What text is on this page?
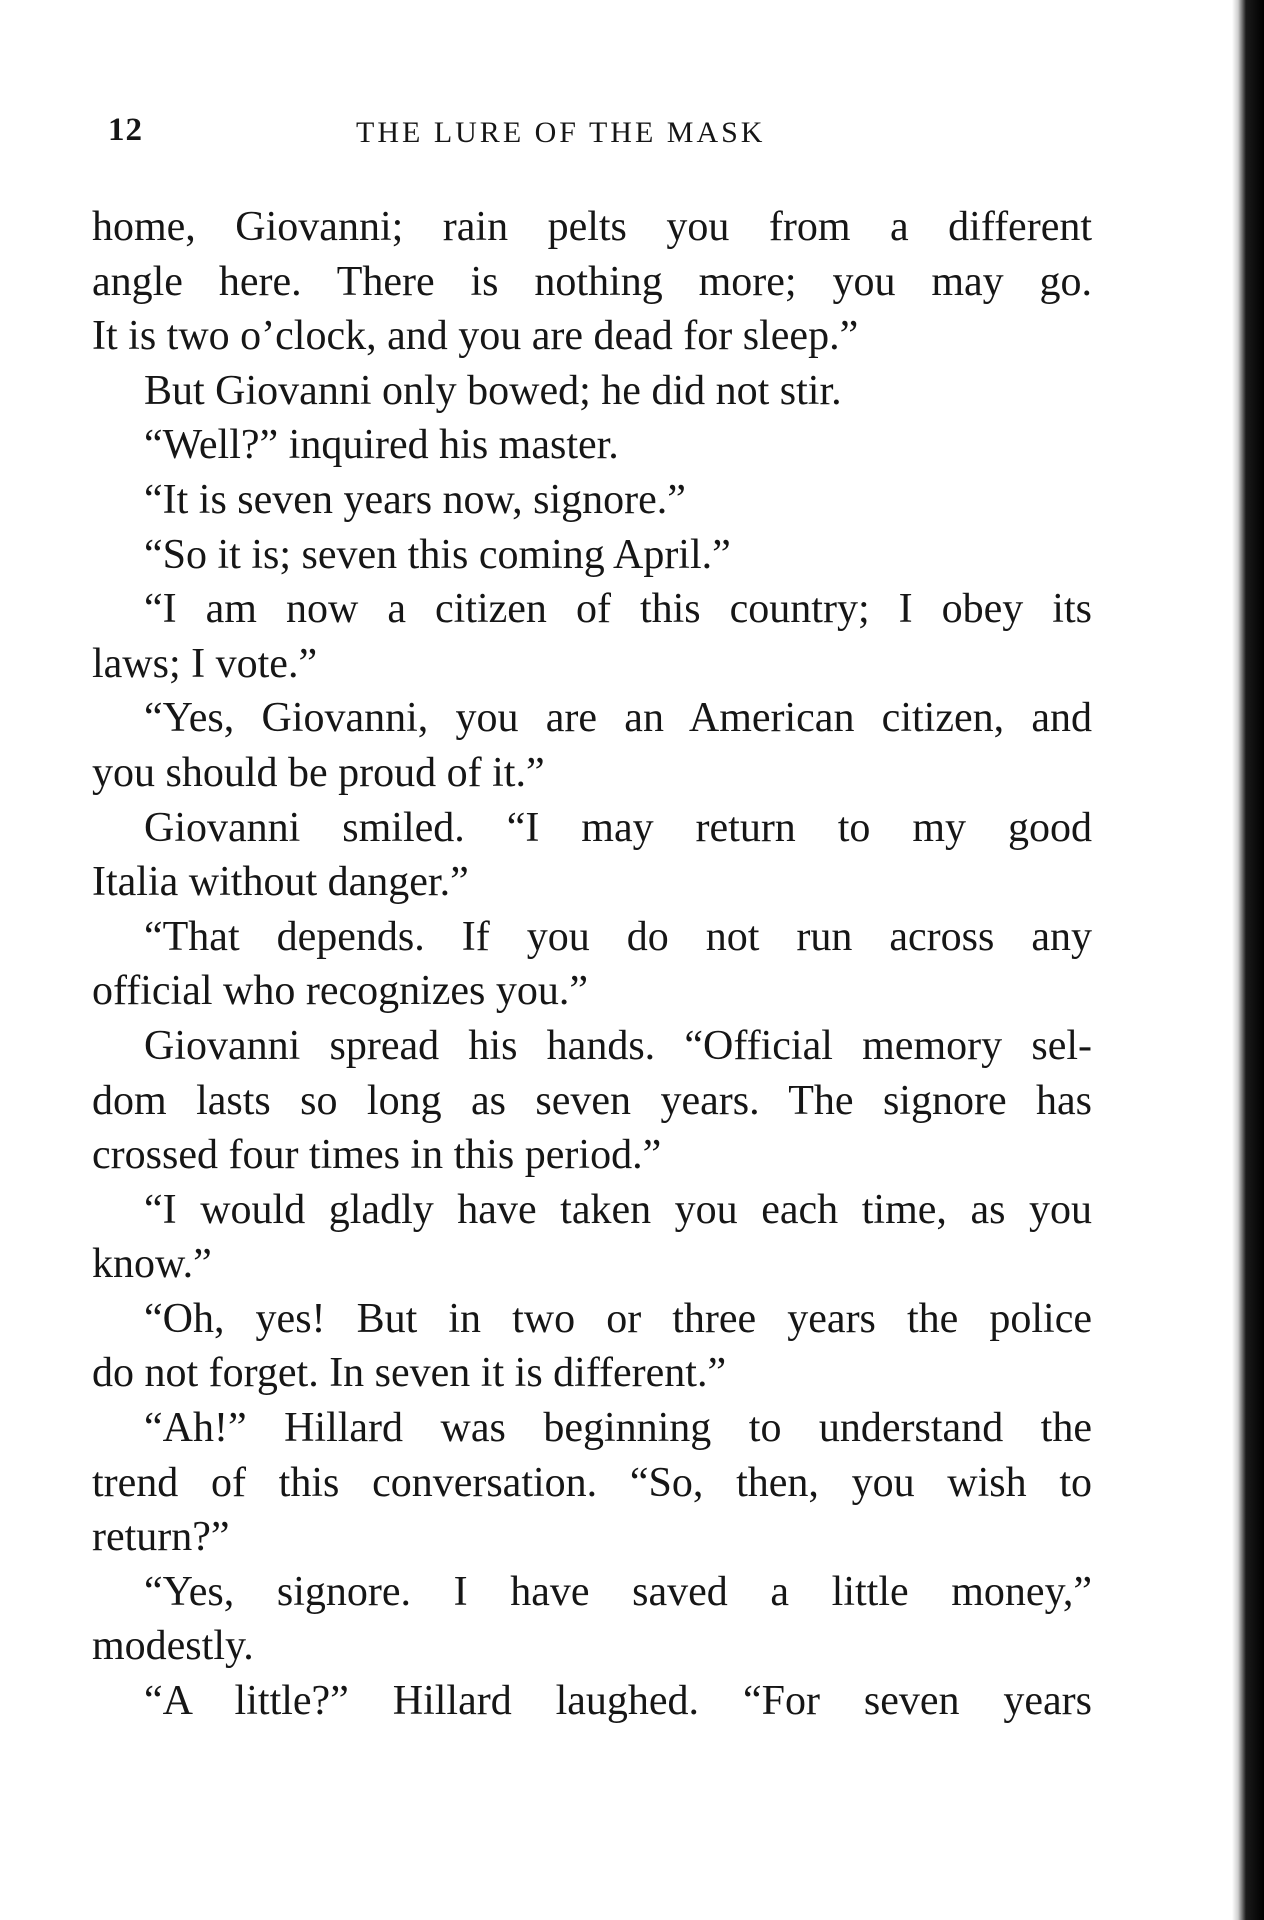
12	THE LURE OF THE MASK
home, Giovanni; rain pelts you from a different
angle here. There is nothing more; you may go.
It is two o’clock, and you are dead for sleep.”
But Giovanni only bowed; he did not stir.
“Well?” inquired his master.
“It is seven years now, signore.”
“So it is; seven this coming April.”
“I am now a citizen of this country; I obey its
laws; I vote.”
“Yes, Giovanni, you are an American citizen, and
you should be proud of it.”
Giovanni smiled. “I may return to my good
Italia without danger.”
“That depends. If you do not run across any
official who recognizes you.”
Giovanni spread his hands. “Official memory sel-
dom lasts so long as seven years. The signore has
crossed four times in this period.”
“I would gladly have taken you each time, as you
know.”
“Oh, yes! But in two or three years the police
do not forget. In seven it is different.”
“Ah!” Hillard was beginning to understand the
trend of this conversation. “So, then, you wish to
return?”
“Yes, signore. I have saved a little money,”
modestly.
“A little?” Hillard laughed. “For seven years
